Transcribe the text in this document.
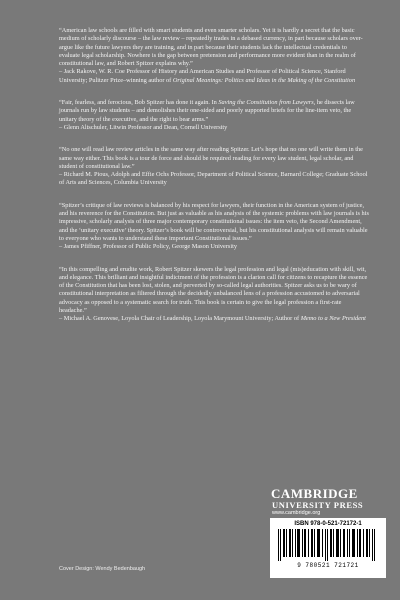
“American law schools are filled with smart students and even smarter scholars. Yet it is hardly a secret that the basic medium of scholarly discourse – the law review – repeatedly trades in a debased currency, in part because scholars over-argue like the future lawyers they are training, and in part because their students lack the intellectual credentials to evaluate legal scholarship. Nowhere is the gap between pretension and performance more evident than in the realm of constitutional law, and Robert Spitzer explains why.”

– Jack Rakove, W. R. Coe Professor of History and American Studies and Professor of Political Science, Stanford University; Pulitzer Prize–winning author of Original Meanings: Politics and Ideas in the Making of the Constitution

“Fair, fearless, and ferocious, Bob Spitzer has done it again. In Saving the Constitution from Lawyers, he dissects law journals run by law students – and demolishes their one-sided and poorly supported briefs for the line-item veto, the unitary theory of the executive, and the right to bear arms.”

– Glenn Altschuler, Litwin Professor and Dean, Cornell University

“No one will read law review articles in the same way after reading Spitzer. Let’s hope that no one will write them in the same way either. This book is a tour de force and should be required reading for every law student, legal scholar, and student of constitutional law.”

– Richard M. Pious, Adolph and Effie Ochs Professor, Department of Political Science, Barnard College; Graduate School of Arts and Sciences, Columbia University

“Spitzer’s critique of law reviews is balanced by his respect for lawyers, their function in the American system of justice, and his reverence for the Constitution. But just as valuable as his analysis of the systemic problems with law journals is his impressive, scholarly analysis of three major contemporary constitutional issues: the item veto, the Second Amendment, and the ‘unitary executive’ theory. Spitzer’s book will be controversial, but his constitutional analysis will remain valuable to everyone who wants to understand these important Constitutional issues.”

– James Pfiffner, Professor of Public Policy, George Mason University

“In this compelling and erudite work, Robert Spitzer skewers the legal profession and legal (mis)education with skill, wit, and elegance. This brilliant and insightful indictment of the profession is a clarion call for citizens to recapture the essence of the Constitution that has been lost, stolen, and perverted by so-called legal authorities. Spitzer asks us to be wary of constitutional interpretation as filtered through the decidedly unbalanced lens of a profession accustomed to adversarial advocacy as opposed to a systematic search for truth. This book is certain to give the legal profession a first-rate headache.”

– Michael A. Genovese, Loyola Chair of Leadership, Loyola Marymount University; Author of Memo to a New President

CAMBRIDGE
UNIVERSITY PRESS
www.cambridge.org
ISBN 978-0-521-72172-1
9 780521 721721
Cover Design: Wendy Bedenbaugh
